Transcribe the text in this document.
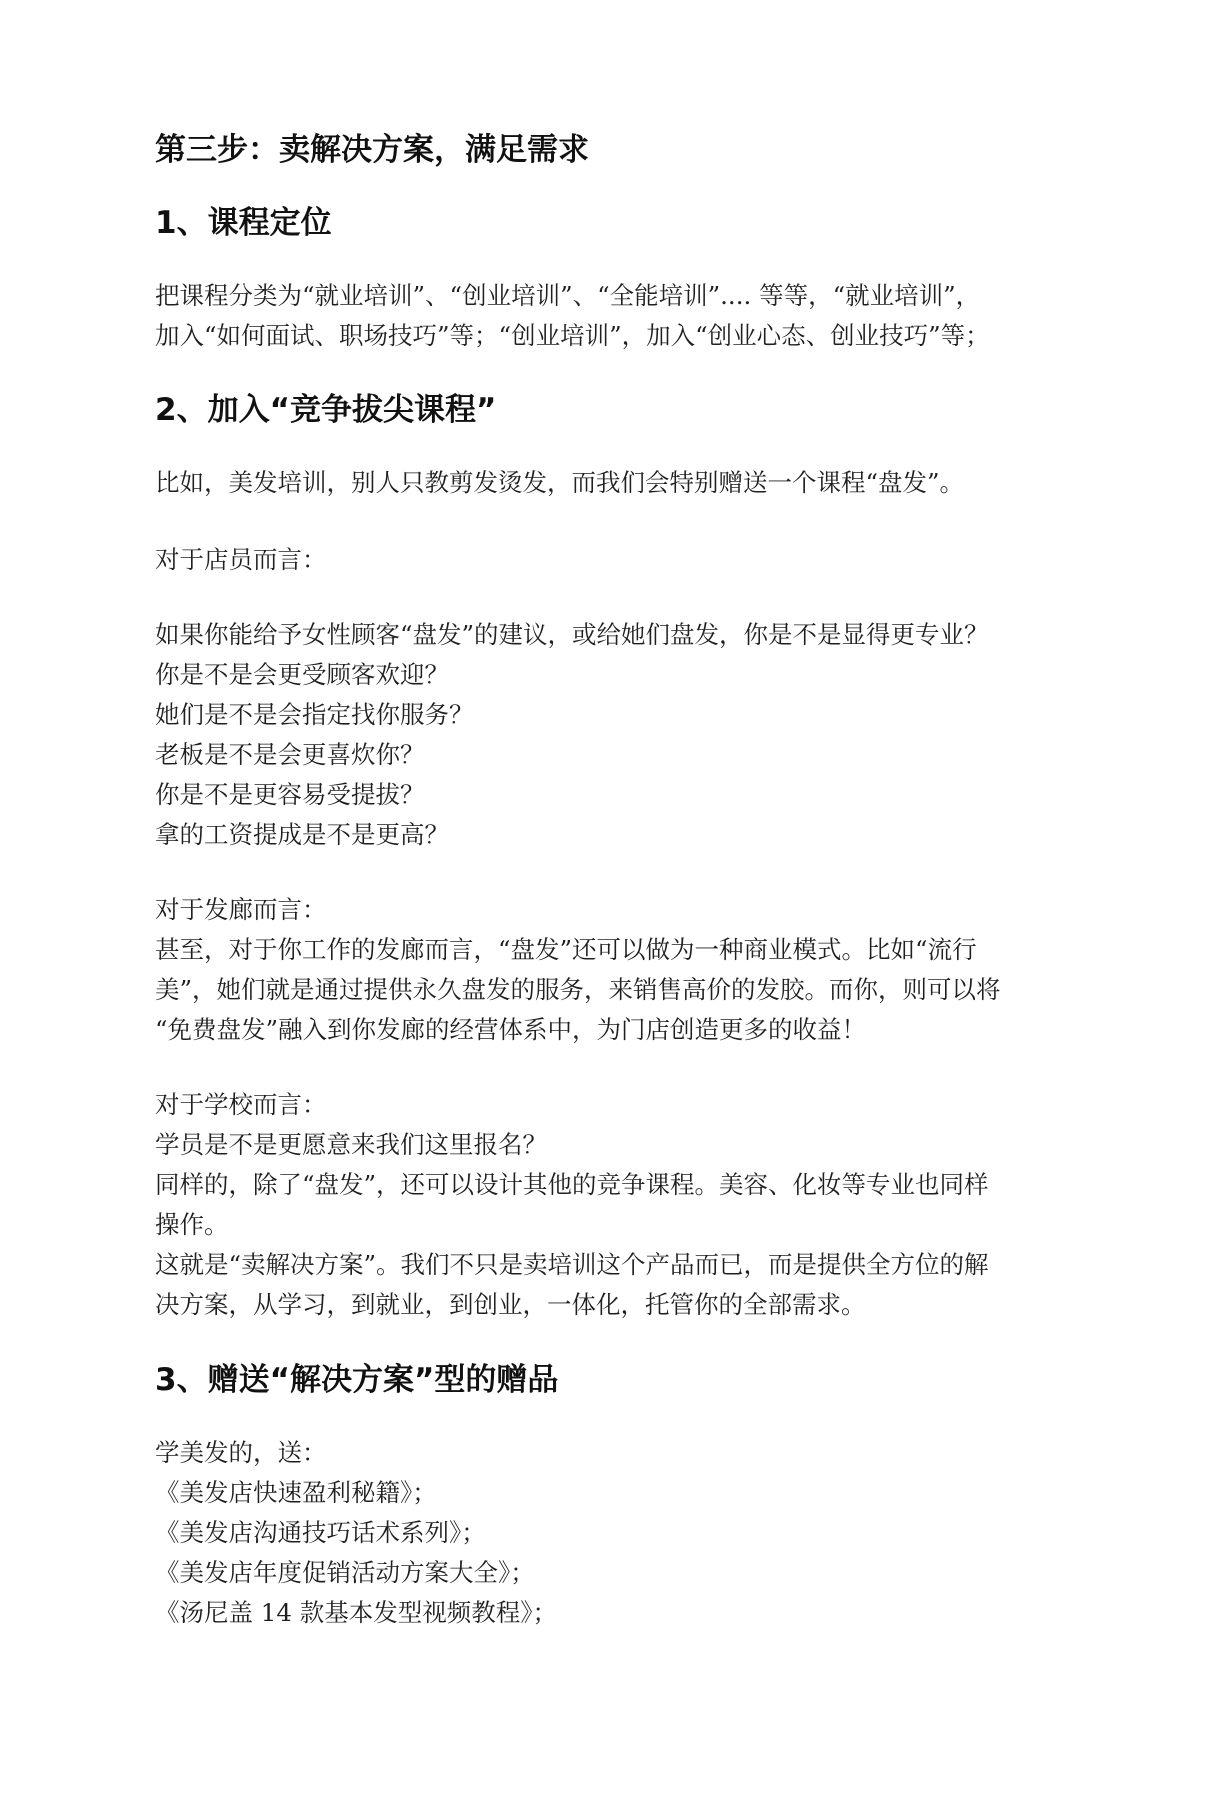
第三步：卖解决方案，满足需求
1、课程定位
把课程分类为“就业培训”、“创业培训”、“全能培训”.... 等等，“就业培训”，
加入“如何面试、职场技巧”等；“创业培训”，加入“创业心态、创业技巧”等；
2、加入“竞争拔尖课程”
比如，美发培训，别人只教剪发烫发，而我们会特别赠送一个课程“盘发”。
对于店员而言：
如果你能给予女性顾客“盘发”的建议，或给她们盘发，你是不是显得更专业？
你是不是会更受顾客欢迎？
她们是不是会指定找你服务？
老板是不是会更喜炊你？
你是不是更容易受提拔？
拿的工资提成是不是更高？
对于发廊而言：
甚至，对于你工作的发廊而言，“盘发”还可以做为一种商业模式。比如“流行
美”，她们就是通过提供永久盘发的服务，来销售高价的发胶。而你，则可以将
“免费盘发”融入到你发廊的经营体系中，为门店创造更多的收益！
对于学校而言：
学员是不是更愿意来我们这里报名？
同样的，除了“盘发”，还可以设计其他的竞争课程。美容、化妆等专业也同样
操作。
这就是“卖解决方案”。我们不只是卖培训这个产品而已，而是提供全方位的解
决方案，从学习，到就业，到创业，一体化，托管你的全部需求。
3、赠送“解决方案”型的赠品
学美发的，送：
《美发店快速盈利秘籍》；
《美发店沟通技巧话术系列》；
《美发店年度促销活动方案大全》；
《汤尼盖 14 款基本发型视频教程》；
